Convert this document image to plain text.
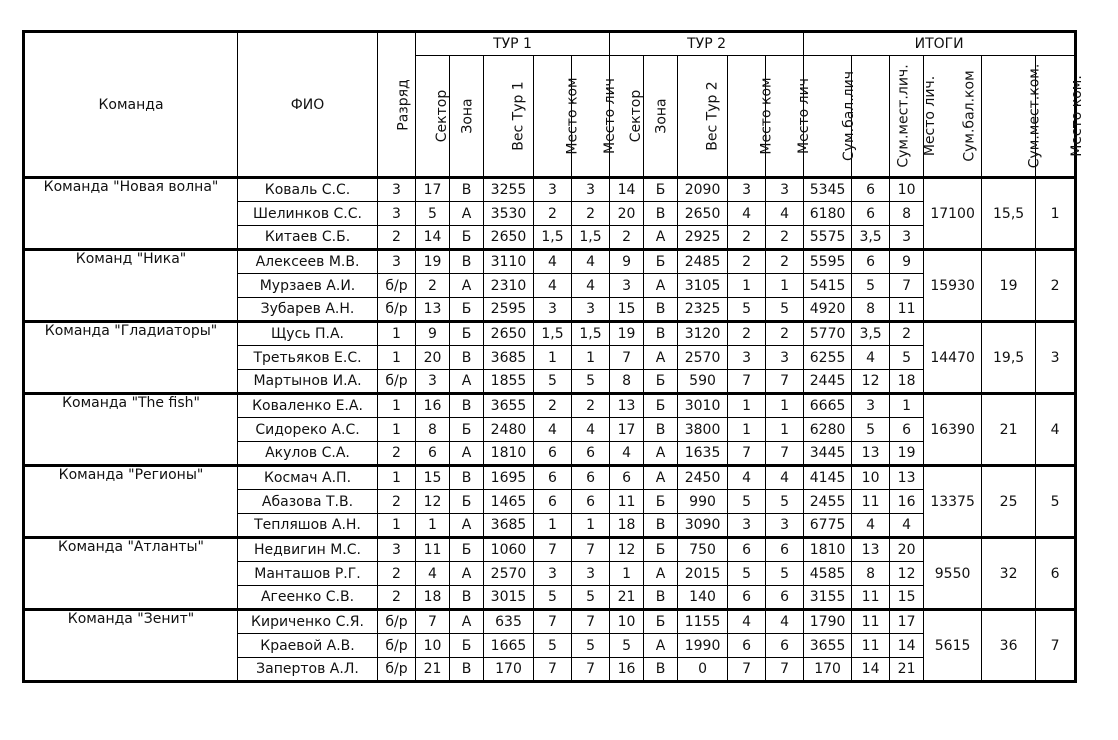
Команда	ФИО	Разряд	ТУР 1					ТУР 2					ИТОГИ					
			Сектор	Зона	Вес Тур 1	Место ком	Место лич	Сектор	Зона	Вес Тур 2	Место ком	Место лич	Сум.бал.лич	Сум.мест.лич.	Место лич.	Сум.бал.ком	Сум.мест.ком.	Место ком.
Команда "Новая волна"	Коваль С.С.	3	17	В	3255	3	3	14	Б	2090	3	3	5345	6	10	17100	15,5	1
	Шелинков С.С.	3	5	А	3530	2	2	20	В	2650	4	4	6180	6	8			
	Китаев С.Б.	2	14	Б	2650	1,5	1,5	2	А	2925	2	2	5575	3,5	3			
Команд "Ника"	Алексеев М.В.	3	19	В	3110	4	4	9	Б	2485	2	2	5595	6	9	15930	19	2
	Мурзаев А.И.	б/р	2	А	2310	4	4	3	А	3105	1	1	5415	5	7			
	Зубарев А.Н.	б/р	13	Б	2595	3	3	15	В	2325	5	5	4920	8	11			
Команда "Гладиаторы"	Щусь П.А.	1	9	Б	2650	1,5	1,5	19	В	3120	2	2	5770	3,5	2	14470	19,5	3
	Третьяков Е.С.	1	20	В	3685	1	1	7	А	2570	3	3	6255	4	5			
	Мартынов И.А.	б/р	3	А	1855	5	5	8	Б	590	7	7	2445	12	18			
Команда "The fish"	Коваленко Е.А.	1	16	В	3655	2	2	13	Б	3010	1	1	6665	3	1	16390	21	4
	Сидореко А.С.	1	8	Б	2480	4	4	17	В	3800	1	1	6280	5	6			
	Акулов С.А.	2	6	А	1810	6	6	4	А	1635	7	7	3445	13	19			
Команда "Регионы"	Космач А.П.	1	15	В	1695	6	6	6	А	2450	4	4	4145	10	13	13375	25	5
	Абазова Т.В.	2	12	Б	1465	6	6	11	Б	990	5	5	2455	11	16			
	Тепляшов А.Н.	1	1	А	3685	1	1	18	В	3090	3	3	6775	4	4			
Команда "Атланты"	Недвигин М.С.	3	11	Б	1060	7	7	12	Б	750	6	6	1810	13	20	9550	32	6
	Манташов Р.Г.	2	4	А	2570	3	3	1	А	2015	5	5	4585	8	12			
	Агеенко С.В.	2	18	В	3015	5	5	21	В	140	6	6	3155	11	15			
Команда "Зенит"	Кириченко С.Я.	б/р	7	А	635	7	7	10	Б	1155	4	4	1790	11	17	5615	36	7
	Краевой А.В.	б/р	10	Б	1665	5	5	5	А	1990	6	6	3655	11	14			
	Запертов А.Л.	б/р	21	В	170	7	7	16	В	0	7	7	170	14	21			
